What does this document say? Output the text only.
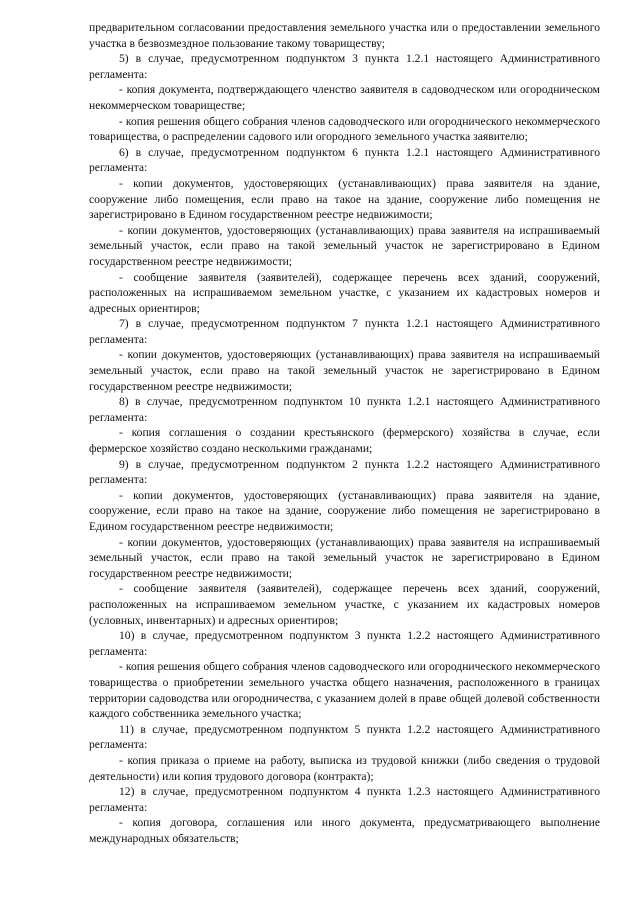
предварительном согласовании предоставления земельного участка или о предоставлении земельного участка в безвозмездное пользование такому товариществу;

5) в случае, предусмотренном подпунктом 3 пункта 1.2.1 настоящего Административного регламента:

- копия документа, подтверждающего членство заявителя в садоводческом или огородническом некоммерческом товариществе;

- копия решения общего собрания членов садоводческого или огороднического некоммерческого товарищества, о распределении садового или огородного земельного участка заявителю;

6) в случае, предусмотренном подпунктом 6 пункта 1.2.1 настоящего Административного регламента:

- копии документов, удостоверяющих (устанавливающих) права заявителя на здание, сооружение либо помещения, если право на такое на здание, сооружение либо помещения не зарегистрировано в Едином государственном реестре недвижимости;

- копии документов, удостоверяющих (устанавливающих) права заявителя на испрашиваемый земельный участок, если право на такой земельный участок не зарегистрировано в Едином государственном реестре недвижимости;

- сообщение заявителя (заявителей), содержащее перечень всех зданий, сооружений, расположенных на испрашиваемом земельном участке, с указанием их кадастровых номеров и адресных ориентиров;

7) в случае, предусмотренном подпунктом 7 пункта 1.2.1 настоящего Административного регламента:

- копии документов, удостоверяющих (устанавливающих) права заявителя на испрашиваемый земельный участок, если право на такой земельный участок не зарегистрировано в Едином государственном реестре недвижимости;

8) в случае, предусмотренном подпунктом 10 пункта 1.2.1 настоящего Административного регламента:

- копия соглашения о создании крестьянского (фермерского) хозяйства в случае, если фермерское хозяйство создано несколькими гражданами;

9) в случае, предусмотренном подпунктом 2 пункта 1.2.2 настоящего Административного регламента:

- копии документов, удостоверяющих (устанавливающих) права заявителя на здание, сооружение, если право на такое на здание, сооружение либо помещения не зарегистрировано в Едином государственном реестре недвижимости;

- копии документов, удостоверяющих (устанавливающих) права заявителя на испрашиваемый земельный участок, если право на такой земельный участок не зарегистрировано в Едином государственном реестре недвижимости;

- сообщение заявителя (заявителей), содержащее перечень всех зданий, сооружений, расположенных на испрашиваемом земельном участке, с указанием их кадастровых номеров (условных, инвентарных) и адресных ориентиров;

10) в случае, предусмотренном подпунктом 3 пункта 1.2.2 настоящего Административного регламента:

- копия решения общего собрания членов садоводческого или огороднического некоммерческого товарищества о приобретении земельного участка общего назначения, расположенного в границах территории садоводства или огородничества, с указанием долей в праве общей долевой собственности каждого собственника земельного участка;

11) в случае, предусмотренном подпунктом 5 пункта 1.2.2 настоящего Административного регламента:

- копия приказа о приеме на работу, выписка из трудовой книжки (либо сведения о трудовой деятельности) или копия трудового договора (контракта);

12) в случае, предусмотренном подпунктом 4 пункта 1.2.3 настоящего Административного регламента:

- копия договора, соглашения или иного документа, предусматривающего выполнение международных обязательств;
